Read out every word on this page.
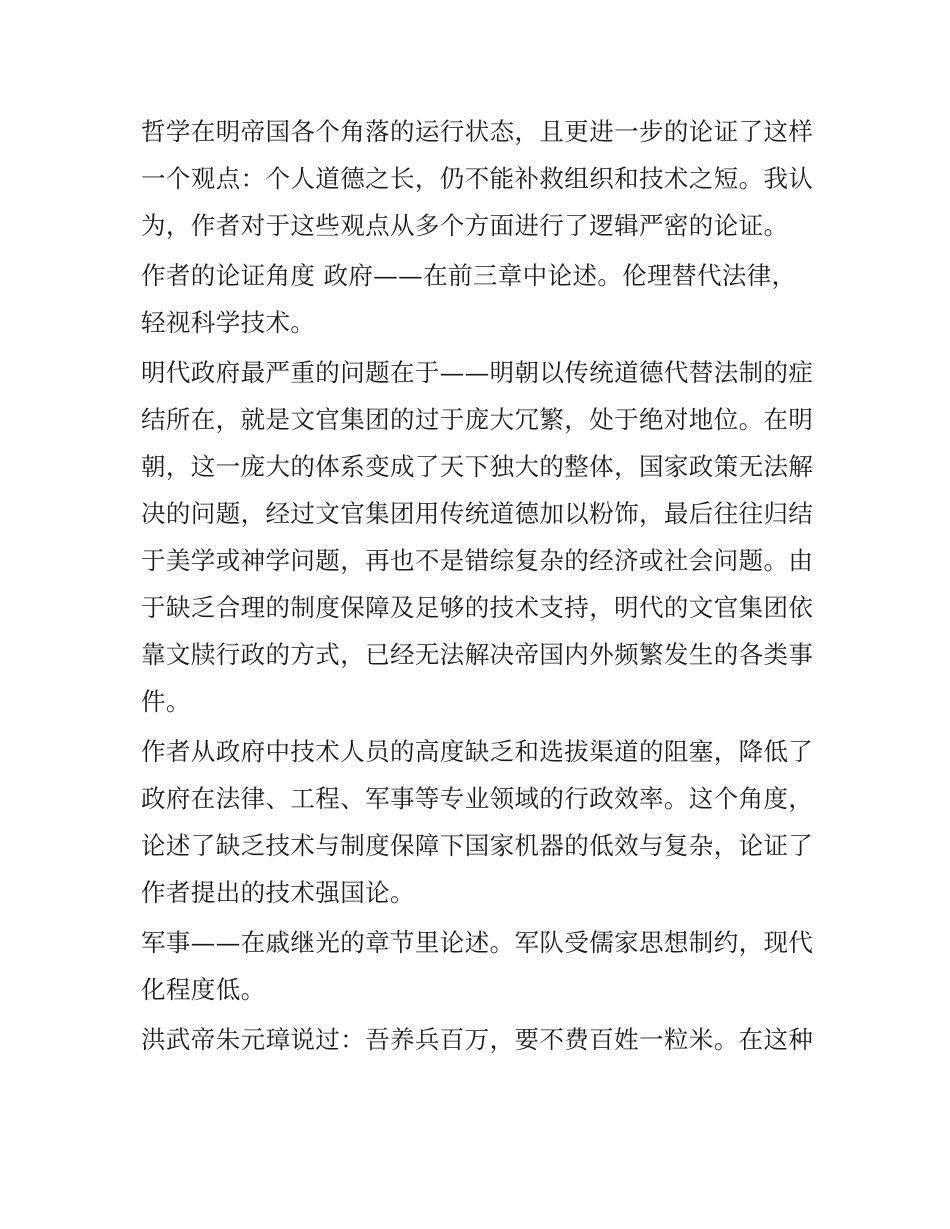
哲学在明帝国各个角落的运行状态，且更进一步的论证了这样
一个观点：个人道德之长，仍不能补救组织和技术之短。我认
为，作者对于这些观点从多个方面进行了逻辑严密的论证。

作者的论证角度 政府——在前三章中论述。伦理替代法律，
轻视科学技术。

明代政府最严重的问题在于——明朝以传统道德代替法制的症
结所在，就是文官集团的过于庞大冗繁，处于绝对地位。在明
朝，这一庞大的体系变成了天下独大的整体，国家政策无法解
决的问题，经过文官集团用传统道德加以粉饰，最后往往归结
于美学或神学问题，再也不是错综复杂的经济或社会问题。由
于缺乏合理的制度保障及足够的技术支持，明代的文官集团依
靠文牍行政的方式，已经无法解决帝国内外频繁发生的各类事
件。

作者从政府中技术人员的高度缺乏和选拔渠道的阻塞，降低了
政府在法律、工程、军事等专业领域的行政效率。这个角度，
论述了缺乏技术与制度保障下国家机器的低效与复杂，论证了
作者提出的技术强国论。

军事——在戚继光的章节里论述。军队受儒家思想制约，现代
化程度低。

洪武帝朱元璋说过：吾养兵百万，要不费百姓一粒米。在这种
